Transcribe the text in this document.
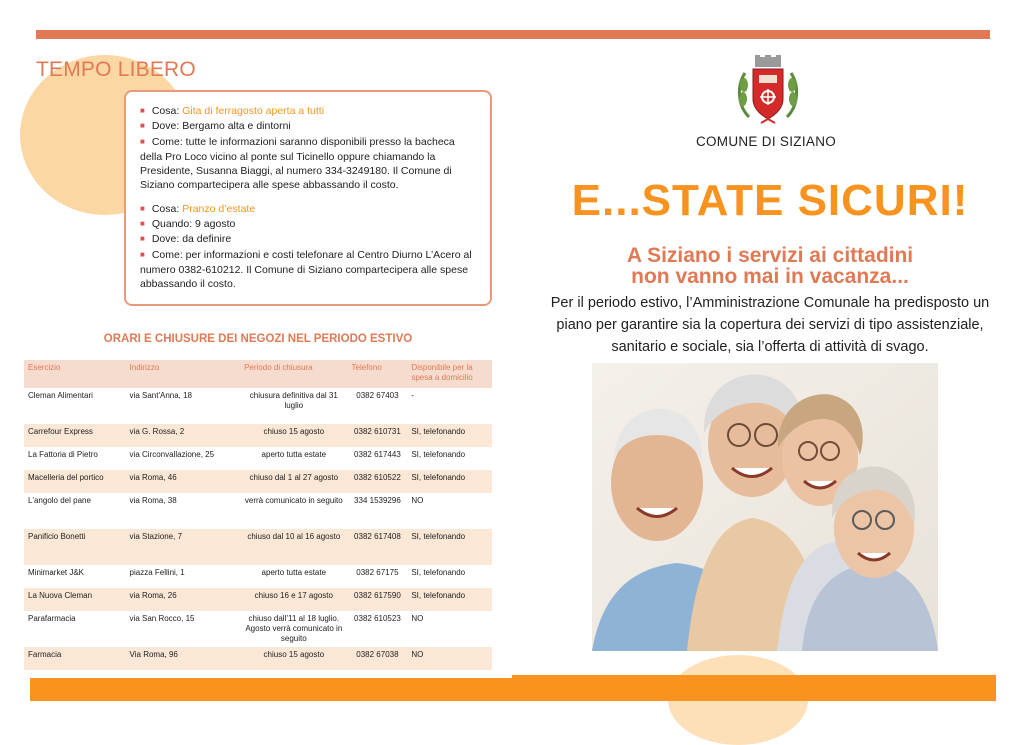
TEMPO LIBERO
■ Cosa: Gita di ferragosto aperta a tutti
■ Dove: Bergamo alta e dintorni
■ Come: tutte le informazioni saranno disponibili presso la bacheca della Pro Loco vicino al ponte sul Ticinello oppure chiamando la Presidente, Susanna Biaggi, al numero 334-3249180. Il Comune di Siziano compartecipera alle spese abbassando il costo.
■ Cosa: Pranzo d’estate
■ Quando: 9 agosto
■ Dove: da definire
■ Come: per informazioni e costi telefonare al Centro Diurno L’Acero al numero 0382-610212. Il Comune di Siziano compartecipera alle spese abbassando il costo.
ORARI E CHIUSURE DEI NEGOZI NEL PERIODO ESTIVO
Esercizio	Indirizzo	Periodo di chiusura	Telefono	Disponibile per la spesa a domicilio
Cleman Alimentari	via Sant'Anna, 18	chiusura definitiva dal 31 luglio	0382 67403	-
Carrefour Express	via G. Rossa, 2	chiuso 15 agosto	0382 610731	SI, telefonando
La Fattoria di Pietro	via Circonvallazione, 25	aperto tutta estate	0382 617443	SI, telefonando
Macelleria del portico	via Roma, 46	chiuso dal 1 al 27 agosto	0382 610522	SI, telefonando
L'angolo del pane	via Roma, 38	verrà comunicato in seguito	334 1539296	NO
Panificio Bonetti	via Stazione, 7	chiuso dal 10 al 16 agosto	0382 617408	SI, telefonando
Minimarket J&K	piazza Fellini, 1	aperto tutta estate	0382 67175	SI, telefonando
La Nuova Cleman	via Roma, 26	chiuso 16 e 17 agosto	0382 617590	SI, telefonando
Parafarmacia	via San Rocco, 15	chiuso dall’11 al 18 luglio. Agosto verrà comunicato in seguito	0382 610523	NO
Farmacia	Via Roma, 96	chiuso 15 agosto	0382 67038	NO
COMUNE DI SIZIANO
E...STATE SICURI!
A Siziano i servizi ai cittadini
non vanno mai in vacanza...
Per il periodo estivo, l’Amministrazione Comunale ha predisposto un piano per garantire sia la copertura dei servizi di tipo assistenziale, sanitario e sociale, sia l’offerta di attività di svago.
